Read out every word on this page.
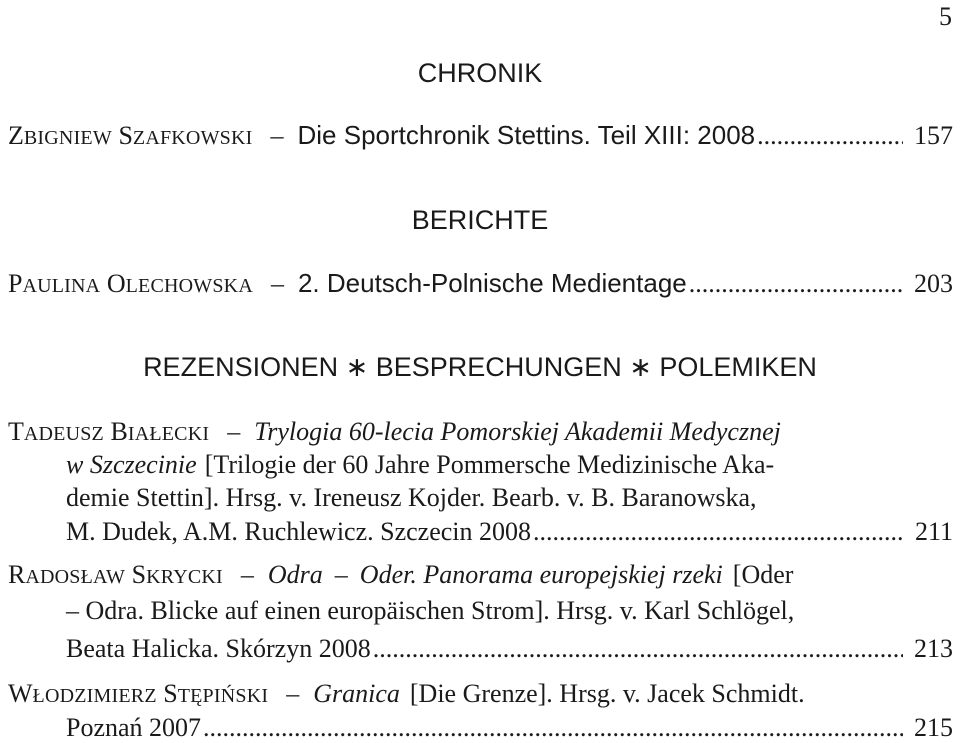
5
CHRONIK
ZBIGNIEW SZAFKOWSKI – Die Sportchronik Stettins. Teil XIII: 2008 .....	157
BERICHTE
PAULINA OLECHOWSKA – 2. Deutsch-Polnische Medientage .....	203
REZENSIONEN ∗ BESPRECHUNGEN ∗ POLEMIKEN
TADEUSZ BIAŁECKI – Trylogia 60-lecia Pomorskiej Akademii Medycznej
w Szczecinie [Trilogie der 60 Jahre Pommersche Medizinische Aka-
demie Stettin]. Hrsg. v. Ireneusz Kojder. Bearb. v. B. Baranowska,
M. Dudek, A.M. Ruchlewicz. Szczecin 2008 .....	211
RADOSŁAW SKRYCKI – Odra – Oder. Panorama europejskiej rzeki [Oder
– Odra. Blicke auf einen europäischen Strom]. Hrsg. v. Karl Schlögel,
Beata Halicka. Skórzyn 2008 .....	213
WŁODZIMIERZ STĘPIŃSKI – Granica [Die Grenze]. Hrsg. v. Jacek Schmidt.
Poznań 2007 .....	215
